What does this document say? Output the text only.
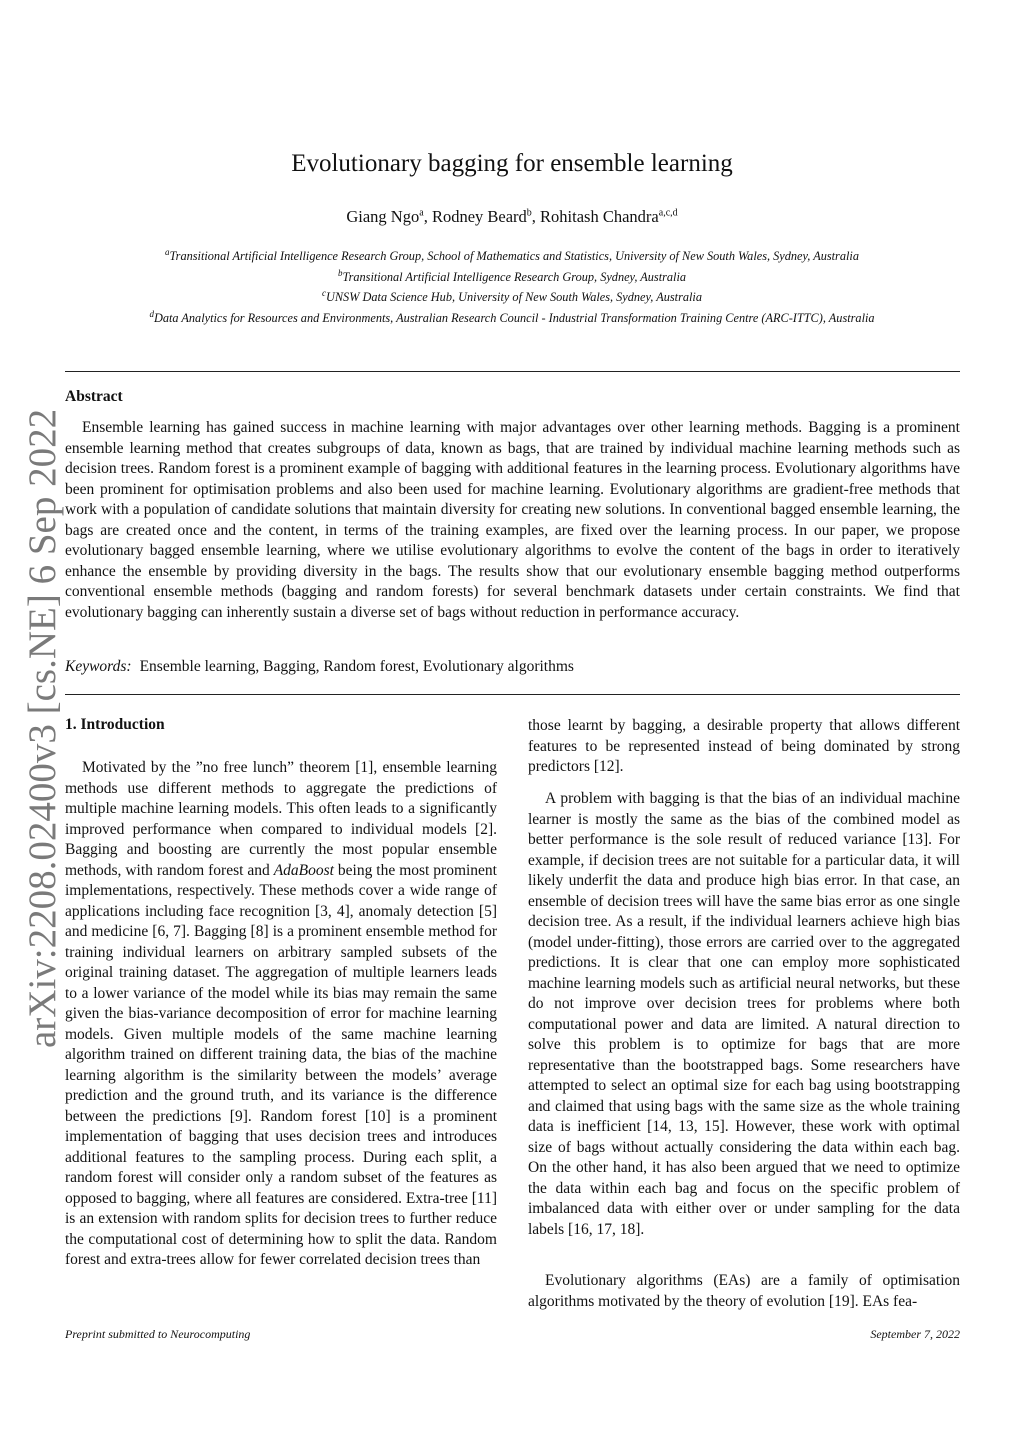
arXiv:2208.02400v3 [cs.NE] 6 Sep 2022
Evolutionary bagging for ensemble learning
Giang Ngo$^a$, Rodney Beard$^b$, Rohitash Chandra$^{a,c,d}$
$^a$Transitional Artificial Intelligence Research Group, School of Mathematics and Statistics, University of New South Wales, Sydney, Australia
$^b$Transitional Artificial Intelligence Research Group, Sydney, Australia
$^c$UNSW Data Science Hub, University of New South Wales, Sydney, Australia
$^d$Data Analytics for Resources and Environments, Australian Research Council - Industrial Transformation Training Centre (ARC-ITTC), Australia
Abstract
Ensemble learning has gained success in machine learning with major advantages over other learning methods. Bagging is a prominent ensemble learning method that creates subgroups of data, known as bags, that are trained by individual machine learning methods such as decision trees. Random forest is a prominent example of bagging with additional features in the learning process. Evolutionary algorithms have been prominent for optimisation problems and also been used for machine learning. Evolutionary algorithms are gradient-free methods that work with a population of candidate solutions that maintain diversity for creating new solutions. In conventional bagged ensemble learning, the bags are created once and the content, in terms of the training examples, are fixed over the learning process. In our paper, we propose evolutionary bagged ensemble learning, where we utilise evolutionary algorithms to evolve the content of the bags in order to iteratively enhance the ensemble by providing diversity in the bags. The results show that our evolutionary ensemble bagging method outperforms conventional ensemble methods (bagging and random forests) for several benchmark datasets under certain constraints. We find that evolutionary bagging can inherently sustain a diverse set of bags without reduction in performance accuracy.
Keywords: Ensemble learning, Bagging, Random forest, Evolutionary algorithms
1. Introduction
Motivated by the ”no free lunch” theorem [1], ensemble learning methods use different methods to aggregate the predictions of multiple machine learning models. This often leads to a significantly improved performance when compared to individual models [2]. Bagging and boosting are currently the most popular ensemble methods, with random forest and AdaBoost being the most prominent implementations, respectively. These methods cover a wide range of applications including face recognition [3, 4], anomaly detection [5] and medicine [6, 7]. Bagging [8] is a prominent ensemble method for training individual learners on arbitrary sampled subsets of the original training dataset. The aggregation of multiple learners leads to a lower variance of the model while its bias may remain the same given the bias-variance decomposition of error for machine learning models. Given multiple models of the same machine learning algorithm trained on different training data, the bias of the machine learning algorithm is the similarity between the models’ average prediction and the ground truth, and its variance is the difference between the predictions [9]. Random forest [10] is a prominent implementation of bagging that uses decision trees and introduces additional features to the sampling process. During each split, a random forest will consider only a random subset of the features as opposed to bagging, where all features are considered. Extra-tree [11] is an extension with random splits for decision trees to further reduce the computational cost of determining how to split the data. Random forest and extra-trees allow for fewer correlated decision trees than
those learnt by bagging, a desirable property that allows different features to be represented instead of being dominated by strong predictors [12].
A problem with bagging is that the bias of an individual machine learner is mostly the same as the bias of the combined model as better performance is the sole result of reduced variance [13]. For example, if decision trees are not suitable for a particular data, it will likely underfit the data and produce high bias error. In that case, an ensemble of decision trees will have the same bias error as one single decision tree. As a result, if the individual learners achieve high bias (model under-fitting), those errors are carried over to the aggregated predictions. It is clear that one can employ more sophisticated machine learning models such as artificial neural networks, but these do not improve over decision trees for problems where both computational power and data are limited. A natural direction to solve this problem is to optimize for bags that are more representative than the bootstrapped bags. Some researchers have attempted to select an optimal size for each bag using bootstrapping and claimed that using bags with the same size as the whole training data is inefficient [14, 13, 15]. However, these work with optimal size of bags without actually considering the data within each bag. On the other hand, it has also been argued that we need to optimize the data within each bag and focus on the specific problem of imbalanced data with either over or under sampling for the data labels [16, 17, 18].
Evolutionary algorithms (EAs) are a family of optimisation algorithms motivated by the theory of evolution [19]. EAs fea-
Preprint submitted to Neurocomputing	September 7, 2022
